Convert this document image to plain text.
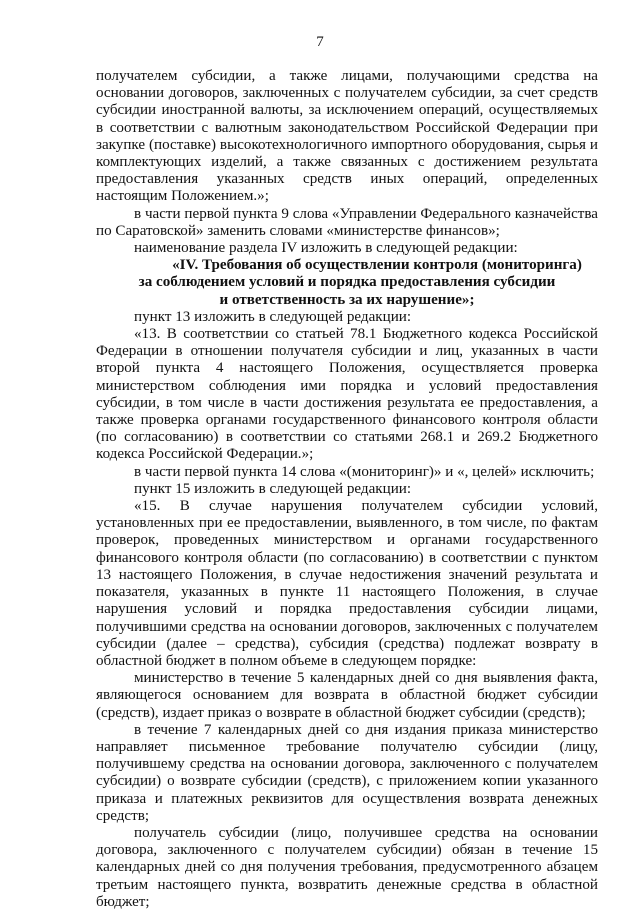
7

получателем субсидии, а также лицами, получающими средства на основании договоров, заключенных с получателем субсидии, за счет средств субсидии иностранной валюты, за исключением операций, осуществляемых в соответствии с валютным законодательством Российской Федерации при закупке (поставке) высокотехнологичного импортного оборудования, сырья и комплектующих изделий, а также связанных с достижением результата предоставления указанных средств иных операций, определенных настоящим Положением.»;

в части первой пункта 9 слова «Управлении Федерального казначейства по Саратовской» заменить словами «министерстве финансов»;

наименование раздела IV изложить в следующей редакции:

«IV. Требования об осуществлении контроля (мониторинга)

за соблюдением условий и порядка предоставления субсидии

и ответственность за их нарушение»;

пункт 13 изложить в следующей редакции:

«13. В соответствии со статьей 78.1 Бюджетного кодекса Российской Федерации в отношении получателя субсидии и лиц, указанных в части второй пункта 4 настоящего Положения, осуществляется проверка министерством соблюдения ими порядка и условий предоставления субсидии, в том числе в части достижения результата ее предоставления, а также проверка органами государственного финансового контроля области (по согласованию) в соответствии со статьями 268.1 и 269.2 Бюджетного кодекса Российской Федерации.»;

в части первой пункта 14 слова «(мониторинг)» и «, целей» исключить;

пункт 15 изложить в следующей редакции:

«15. В случае нарушения получателем субсидии условий, установленных при ее предоставлении, выявленного, в том числе, по фактам проверок, проведенных министерством и органами государственного финансового контроля области (по согласованию) в соответствии с пунктом 13 настоящего Положения, в случае недостижения значений результата и показателя, указанных в пункте 11 настоящего Положения, в случае нарушения условий и порядка предоставления субсидии лицами, получившими средства на основании договоров, заключенных с получателем субсидии (далее – средства), субсидия (средства) подлежат возврату в областной бюджет в полном объеме в следующем порядке:

министерство в течение 5 календарных дней со дня выявления факта, являющегося основанием для возврата в областной бюджет субсидии (средств), издает приказ о возврате в областной бюджет субсидии (средств);

в течение 7 календарных дней со дня издания приказа министерство направляет письменное требование получателю субсидии (лицу, получившему средства на основании договора, заключенного с получателем субсидии) о возврате субсидии (средств), с приложением копии указанного приказа и платежных реквизитов для осуществления возврата денежных средств;

получатель субсидии (лицо, получившее средства на основании договора, заключенного с получателем субсидии) обязан в течение 15 календарных дней со дня получения требования, предусмотренного абзацем третьим настоящего пункта, возвратить денежные средства в областной бюджет;
